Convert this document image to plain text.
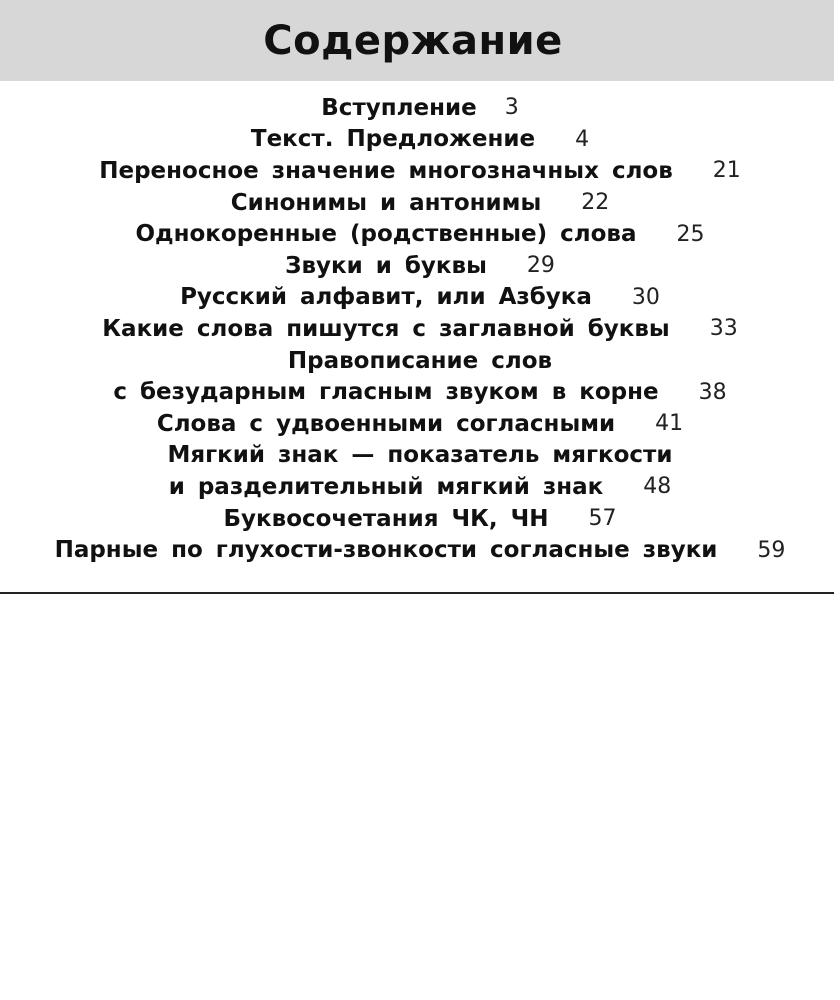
Содержание
Вступление 3
Текст. Предложение 4
Переносное значение многозначных слов 21
Синонимы и антонимы 22
Однокоренные (родственные) слова 25
Звуки и буквы 29
Русский алфавит, или Азбука 30
Какие слова пишутся с заглавной буквы 33
Правописание слов
с безударным гласным звуком в корне 38
Слова с удвоенными согласными 41
Мягкий знак — показатель мягкости
и разделительный мягкий знак 48
Буквосочетания ЧК, ЧН 57
Парные по глухости-звонкости согласные звуки 59
